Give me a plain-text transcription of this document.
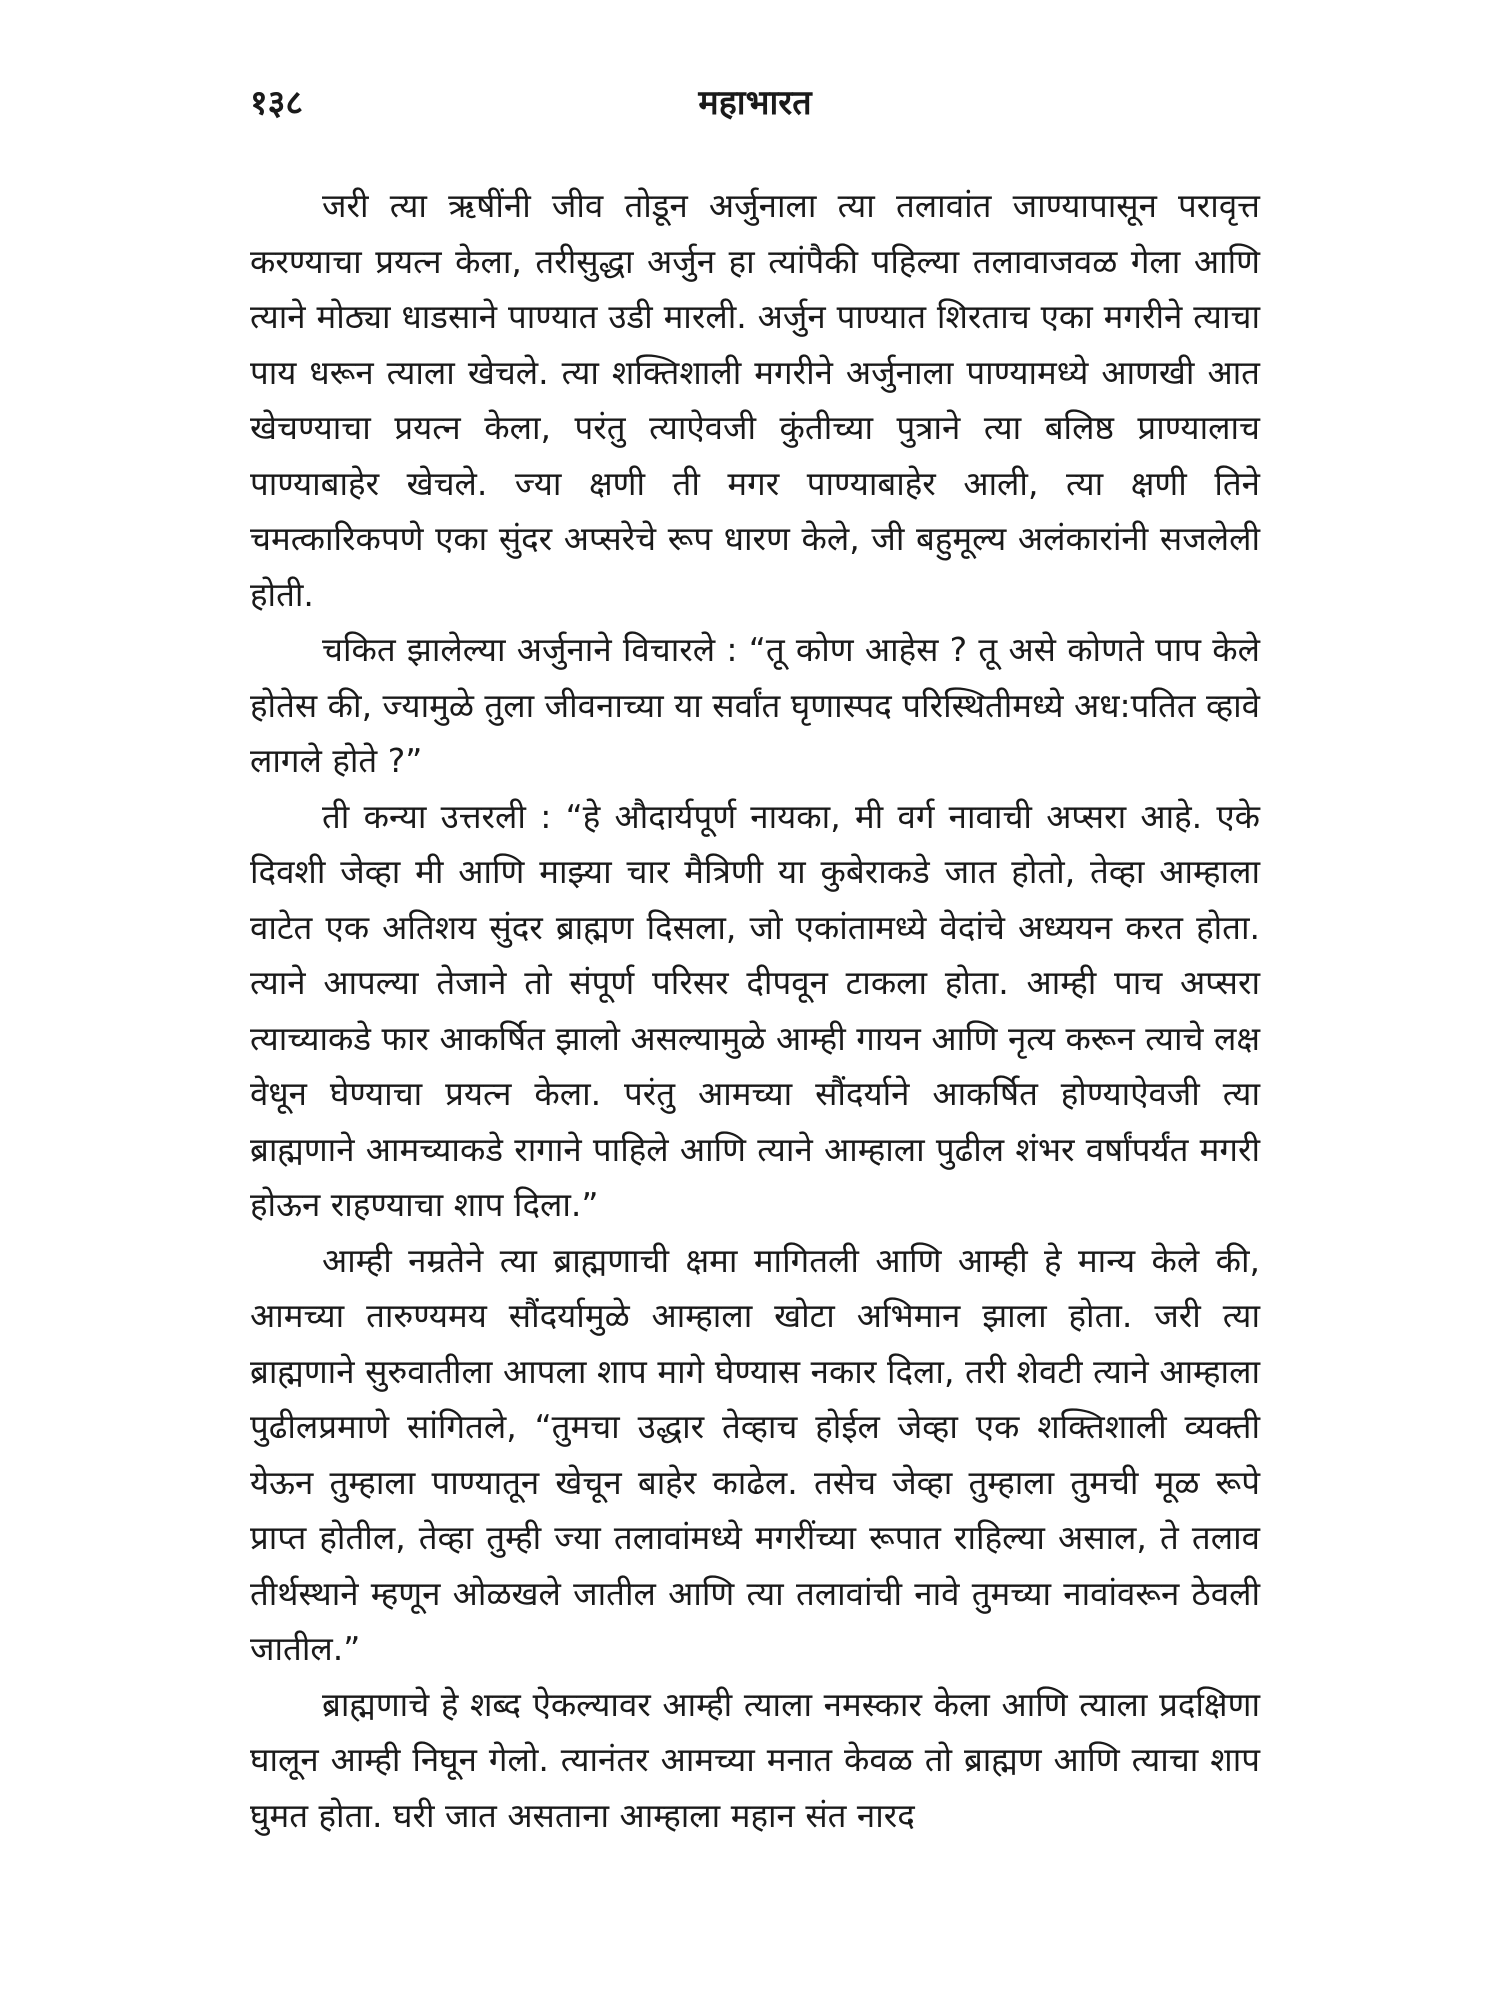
१३८	महाभारत

जरी त्या ऋषींनी जीव तोडून अर्जुनाला त्या तलावांत जाण्यापासून परावृत्त करण्याचा प्रयत्न केला, तरीसुद्धा अर्जुन हा त्यांपैकी पहिल्या तलावाजवळ गेला आणि त्याने मोठ्या धाडसाने पाण्यात उडी मारली. अर्जुन पाण्यात शिरताच एका मगरीने त्याचा पाय धरून त्याला खेचले. त्या शक्तिशाली मगरीने अर्जुनाला पाण्यामध्ये आणखी आत खेचण्याचा प्रयत्न केला, परंतु त्याऐवजी कुंतीच्या पुत्राने त्या बलिष्ठ प्राण्यालाच पाण्याबाहेर खेचले. ज्या क्षणी ती मगर पाण्याबाहेर आली, त्या क्षणी तिने चमत्कारिकपणे एका सुंदर अप्सरेचे रूप धारण केले, जी बहुमूल्य अलंकारांनी सजलेली होती.

चकित झालेल्या अर्जुनाने विचारले : “तू कोण आहेस ? तू असे कोणते पाप केले होतेस की, ज्यामुळे तुला जीवनाच्या या सर्वांत घृणास्पद परिस्थितीमध्ये अध:पतित व्हावे लागले होते ?”

ती कन्या उत्तरली : “हे औदार्यपूर्ण नायका, मी वर्ग नावाची अप्सरा आहे. एके दिवशी जेव्हा मी आणि माझ्या चार मैत्रिणी या कुबेराकडे जात होतो, तेव्हा आम्हाला वाटेत एक अतिशय सुंदर ब्राह्मण दिसला, जो एकांतामध्ये वेदांचे अध्ययन करत होता. त्याने आपल्या तेजाने तो संपूर्ण परिसर दीपवून टाकला होता. आम्ही पाच अप्सरा त्याच्याकडे फार आकर्षित झालो असल्यामुळे आम्ही गायन आणि नृत्य करून त्याचे लक्ष वेधून घेण्याचा प्रयत्न केला. परंतु आमच्या सौंदर्याने आकर्षित होण्याऐवजी त्या ब्राह्मणाने आमच्याकडे रागाने पाहिले आणि त्याने आम्हाला पुढील शंभर वर्षांपर्यंत मगरी होऊन राहण्याचा शाप दिला.”

आम्ही नम्रतेने त्या ब्राह्मणाची क्षमा मागितली आणि आम्ही हे मान्य केले की, आमच्या तारुण्यमय सौंदर्यामुळे आम्हाला खोटा अभिमान झाला होता. जरी त्या ब्राह्मणाने सुरुवातीला आपला शाप मागे घेण्यास नकार दिला, तरी शेवटी त्याने आम्हाला पुढीलप्रमाणे सांगितले, “तुमचा उद्धार तेव्हाच होईल जेव्हा एक शक्तिशाली व्यक्ती येऊन तुम्हाला पाण्यातून खेचून बाहेर काढेल. तसेच जेव्हा तुम्हाला तुमची मूळ रूपे प्राप्त होतील, तेव्हा तुम्ही ज्या तलावांमध्ये मगरींच्या रूपात राहिल्या असाल, ते तलाव तीर्थस्थाने म्हणून ओळखले जातील आणि त्या तलावांची नावे तुमच्या नावांवरून ठेवली जातील.”

ब्राह्मणाचे हे शब्द ऐकल्यावर आम्ही त्याला नमस्कार केला आणि त्याला प्रदक्षिणा घालून आम्ही निघून गेलो. त्यानंतर आमच्या मनात केवळ तो ब्राह्मण आणि त्याचा शाप घुमत होता. घरी जात असताना आम्हाला महान संत नारद
